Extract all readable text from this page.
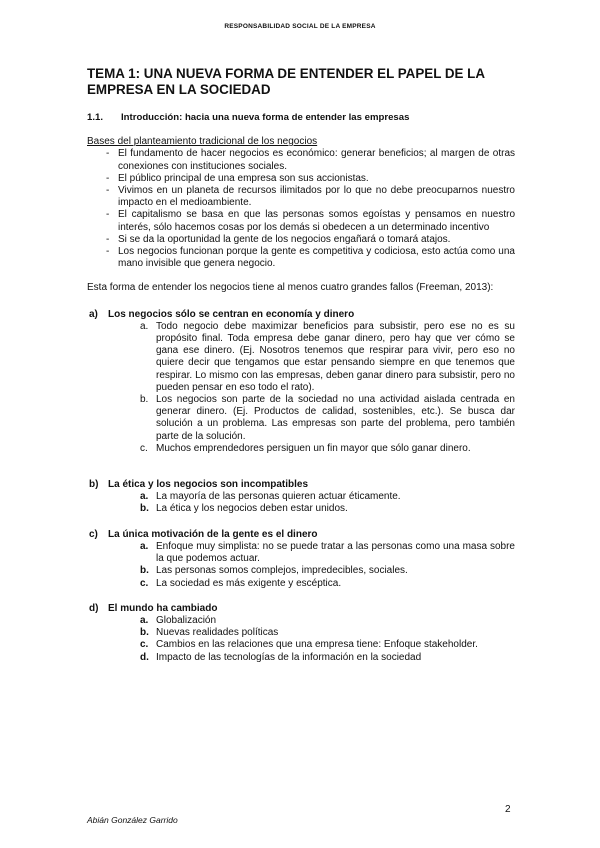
RESPONSABILIDAD SOCIAL DE LA EMPRESA
TEMA 1: UNA NUEVA FORMA DE ENTENDER EL PAPEL DE LA EMPRESA EN LA SOCIEDAD
1.1.	Introducción: hacia una nueva forma de entender las empresas
Bases del planteamiento tradicional de los negocios
- El fundamento de hacer negocios es económico: generar beneficios; al margen de otras conexiones con instituciones sociales.
- El público principal de una empresa son sus accionistas.
- Vivimos en un planeta de recursos ilimitados por lo que no debe preocuparnos nuestro impacto en el medioambiente.
- El capitalismo se basa en que las personas somos egoístas y pensamos en nuestro interés, sólo hacemos cosas por los demás si obedecen a un determinado incentivo
- Si se da la oportunidad la gente de los negocios engañará o tomará atajos.
- Los negocios funcionan porque la gente es competitiva y codiciosa, esto actúa como una mano invisible que genera negocio.

Esta forma de entender los negocios tiene al menos cuatro grandes fallos (Freeman, 2013):

a)	Los negocios sólo se centran en economía y dinero
a. Todo negocio debe maximizar beneficios para subsistir, pero ese no es su propósito final. Toda empresa debe ganar dinero, pero hay que ver cómo se gana ese dinero. (Ej. Nosotros tenemos que respirar para vivir, pero eso no quiere decir que tengamos que estar pensando siempre en que tenemos que respirar. Lo mismo con las empresas, deben ganar dinero para subsistir, pero no pueden pensar en eso todo el rato).
b. Los negocios son parte de la sociedad no una actividad aislada centrada en generar dinero. (Ej. Productos de calidad, sostenibles, etc.). Se busca dar solución a un problema. Las empresas son parte del problema, pero también parte de la solución.
c. Muchos emprendedores persiguen un fin mayor que sólo ganar dinero.
b) La ética y los negocios son incompatibles
a. La mayoría de las personas quieren actuar éticamente.
b. La ética y los negocios deben estar unidos.
c)	La única motivación de la gente es el dinero
a. Enfoque muy simplista: no se puede tratar a las personas como una masa sobre la que podemos actuar.
b. Las personas somos complejos, impredecibles, sociales.
c. La sociedad es más exigente y escéptica.
d) El mundo ha cambiado
a. Globalización
b. Nuevas realidades políticas
c. Cambios en las relaciones que una empresa tiene: Enfoque stakeholder.
d. Impacto de las tecnologías de la información en la sociedad
2
Abián González Garrido
